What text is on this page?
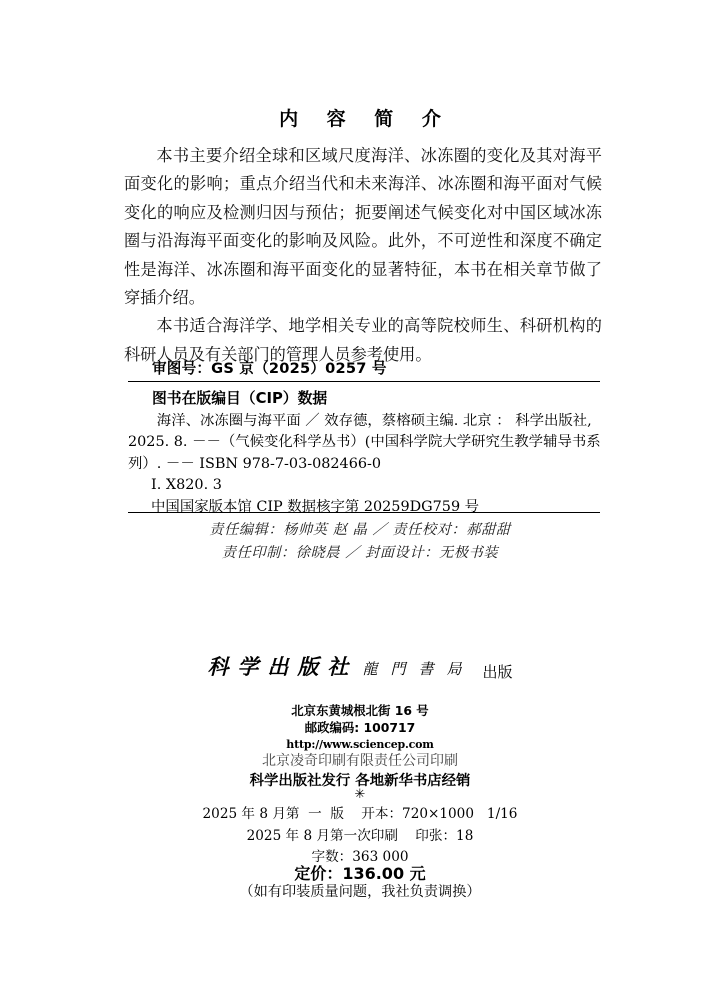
内 容 简 介

本书主要介绍全球和区域尺度海洋、冰冻圈的变化及其对海平面变化的影响；重点介绍当代和未来海洋、冰冻圈和海平面对气候变化的响应及检测归因与预估；扼要阐述气候变化对中国区域冰冻圈与沿海海平面变化的影响及风险。此外，不可逆性和深度不确定性是海洋、冰冻圈和海平面变化的显著特征，本书在相关章节做了穿插介绍。

本书适合海洋学、地学相关专业的高等院校师生、科研机构的科研人员及有关部门的管理人员参考使用。

审图号：GS 京（2025）0257 号
图书在版编目（CIP）数据
海洋、冰冻圈与海平面 ／ 效存德，蔡榕硕主编. 北京 ： 科学出版社,
2025. 8. －－（气候变化科学丛书）(中国科学院大学研究生教学辅导书系
列）. －－ ISBN 978-7-03-082466-0
Ⅰ. X820. 3
中国国家版本馆 CIP 数据核字第 20259DG759 号
责任编辑：杨帅英 赵 晶 ／ 责任校对：郝甜甜
责任印制：徐晓晨 ／ 封面设计：无极书装
科学出版社 龍門書局 出版
北京东黄城根北街 16 号
邮政编码: 100717
http://www.sciencep.com
北京凌奇印刷有限责任公司印刷
科学出版社发行 各地新华书店经销
✳
2025 年 8 月第  一  版    开本：720×1000   1/16
2025 年 8 月第一次印刷    印张：18
字数：363 000
定价：136.00 元
（如有印装质量问题，我社负责调换）
